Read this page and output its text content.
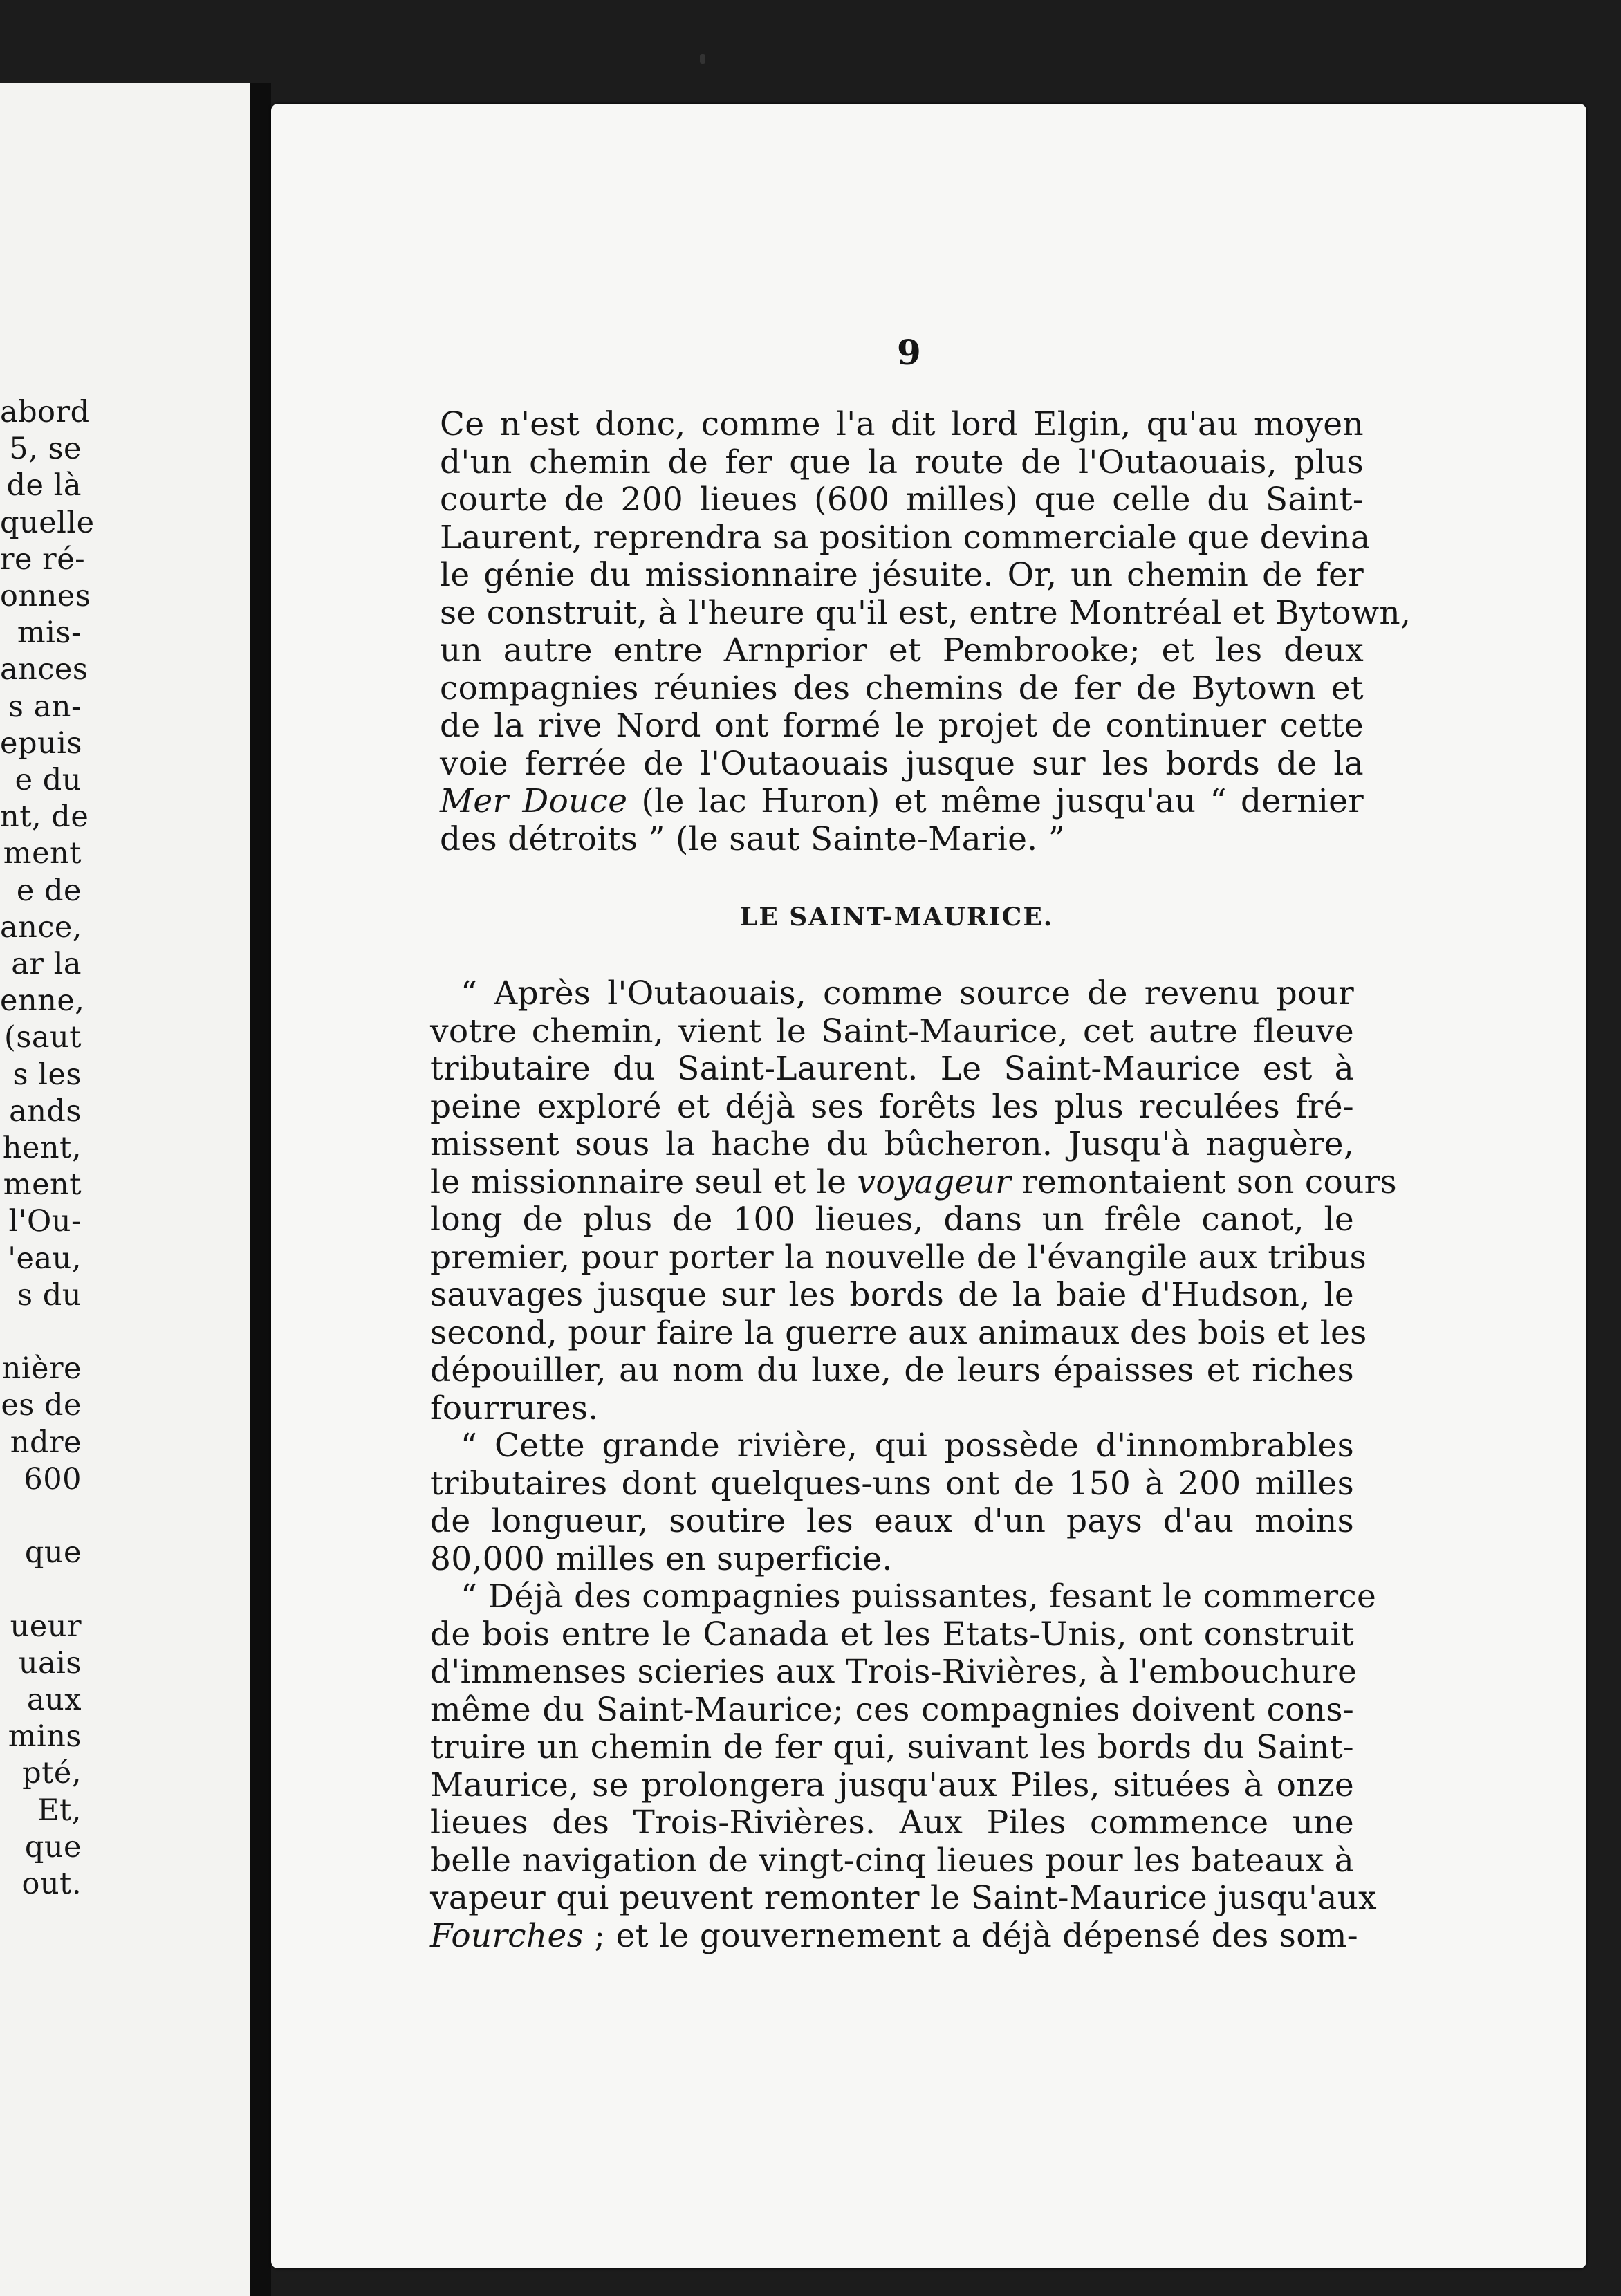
abord
5, se
de là
quelle
re ré-
onnes
mis-
ances
s an-
epuis
e du
nt, de
ment
e de
ance,
ar la
enne,
(saut
s les
ands
hent,
ment
l'Ou-
'eau,
s du
nière
es de
ndre
600
que
ueur
uais
aux
mins
pté,
Et,
que
out.
9
Ce n'est donc, comme l'a dit lord Elgin, qu'au moyen
d'un chemin de fer que la route de l'Outaouais, plus
courte de 200 lieues (600 milles) que celle du Saint-
Laurent, reprendra sa position commerciale que devina
le génie du missionnaire jésuite. Or, un chemin de fer
se construit, à l'heure qu'il est, entre Montréal et Bytown,
un autre entre Arnprior et Pembrooke; et les deux
compagnies réunies des chemins de fer de Bytown et
de la rive Nord ont formé le projet de continuer cette
voie ferrée de l'Outaouais jusque sur les bords de la
Mer Douce (le lac Huron) et même jusqu'au “ dernier
des détroits ” (le saut Sainte-Marie. ”
LE SAINT-MAURICE.
“ Après l'Outaouais, comme source de revenu pour
votre chemin, vient le Saint-Maurice, cet autre fleuve
tributaire du Saint-Laurent. Le Saint-Maurice est à
peine exploré et déjà ses forêts les plus reculées fré-
missent sous la hache du bûcheron. Jusqu'à naguère,
le missionnaire seul et le voyageur remontaient son cours
long de plus de 100 lieues, dans un frêle canot, le
premier, pour porter la nouvelle de l'évangile aux tribus
sauvages jusque sur les bords de la baie d'Hudson, le
second, pour faire la guerre aux animaux des bois et les
dépouiller, au nom du luxe, de leurs épaisses et riches
fourrures.
“ Cette grande rivière, qui possède d'innombrables
tributaires dont quelques-uns ont de 150 à 200 milles
de longueur, soutire les eaux d'un pays d'au moins
80,000 milles en superficie.
“ Déjà des compagnies puissantes, fesant le commerce
de bois entre le Canada et les Etats-Unis, ont construit
d'immenses scieries aux Trois-Rivières, à l'embouchure
même du Saint-Maurice; ces compagnies doivent cons-
truire un chemin de fer qui, suivant les bords du Saint-
Maurice, se prolongera jusqu'aux Piles, situées à onze
lieues des Trois-Rivières. Aux Piles commence une
belle navigation de vingt-cinq lieues pour les bateaux à
vapeur qui peuvent remonter le Saint-Maurice jusqu'aux
Fourches ; et le gouvernement a déjà dépensé des som-
